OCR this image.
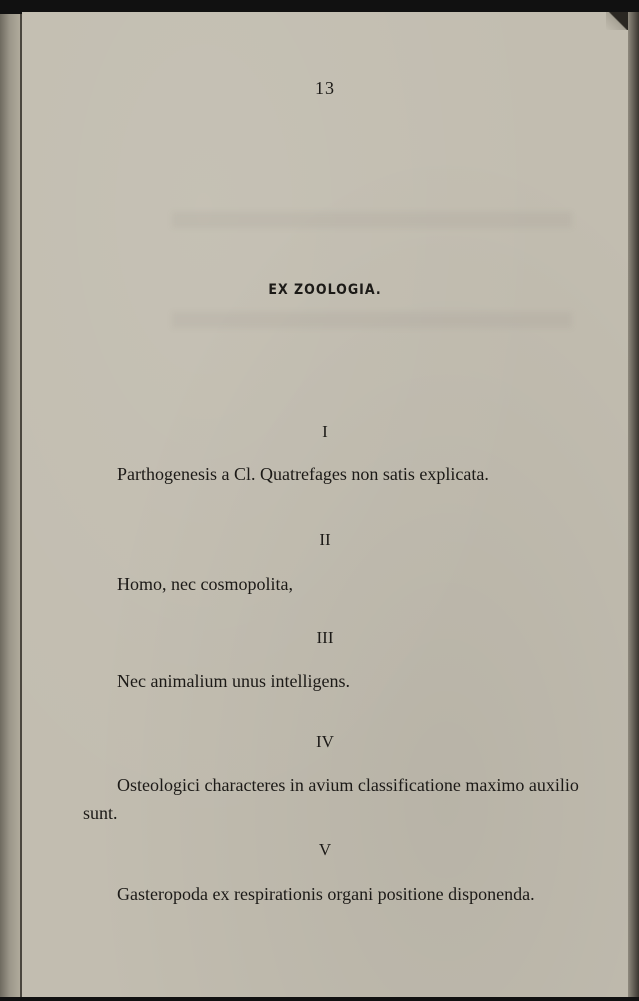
13
EX ZOOLOGIA.
I
Parthogenesis a Cl. Quatrefages non satis explicata.
II
Homo, nec cosmopolita,
III
Nec animalium unus intelligens.
IV
Osteologici characteres in avium classificatione maximo auxilio
sunt.
V
Gasteropoda ex respirationis organi positione disponenda.
